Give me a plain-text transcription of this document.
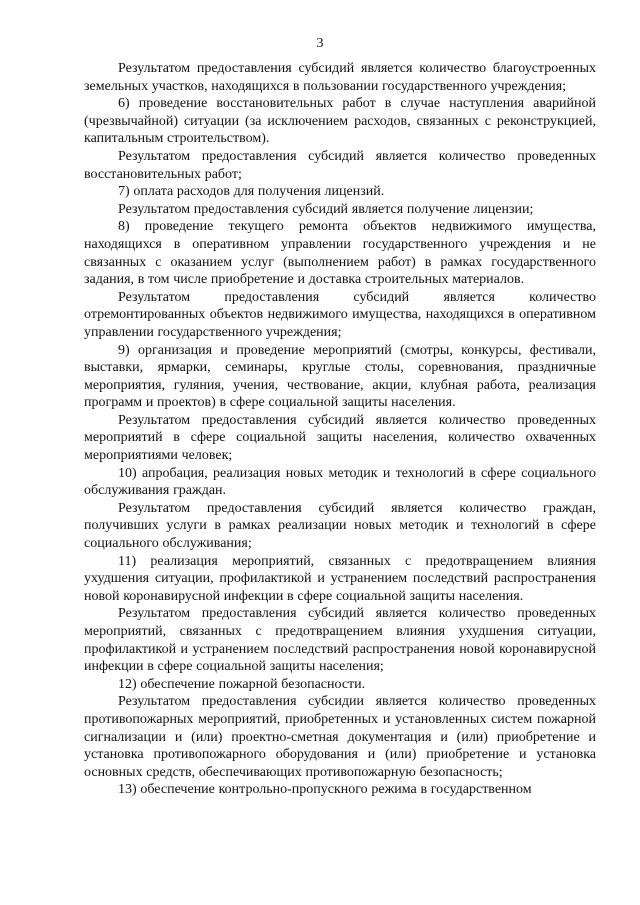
3

Результатом предоставления субсидий является количество благоустроенных земельных участков, находящихся в пользовании государственного учреждения;

6) проведение восстановительных работ в случае наступления аварийной (чрезвычайной) ситуации (за исключением расходов, связанных с реконструкцией, капитальным строительством).

Результатом предоставления субсидий является количество проведенных восстановительных работ;

7) оплата расходов для получения лицензий.

Результатом предоставления субсидий является получение лицензии;

8) проведение текущего ремонта объектов недвижимого имущества, находящихся в оперативном управлении государственного учреждения и не связанных с оказанием услуг (выполнением работ) в рамках государственного задания, в том числе приобретение и доставка строительных материалов.

Результатом предоставления субсидий является количество отремонтированных объектов недвижимого имущества, находящихся в оперативном управлении государственного учреждения;

9) организация и проведение мероприятий (смотры, конкурсы, фестивали, выставки, ярмарки, семинары, круглые столы, соревнования, праздничные мероприятия, гуляния, учения, чествование, акции, клубная работа, реализация программ и проектов) в сфере социальной защиты населения.

Результатом предоставления субсидий является количество проведенных мероприятий в сфере социальной защиты населения, количество охваченных мероприятиями человек;

10) апробация, реализация новых методик и технологий в сфере социального обслуживания граждан.

Результатом предоставления субсидий является количество граждан, получивших услуги в рамках реализации новых методик и технологий в сфере социального обслуживания;

11) реализация мероприятий, связанных с предотвращением влияния ухудшения ситуации, профилактикой и устранением последствий распространения новой коронавирусной инфекции в сфере социальной защиты населения.

Результатом предоставления субсидий является количество проведенных мероприятий, связанных с предотвращением влияния ухудшения ситуации, профилактикой и устранением последствий распространения новой коронавирусной инфекции в сфере социальной защиты населения;

12) обеспечение пожарной безопасности.

Результатом предоставления субсидии является количество проведенных противопожарных мероприятий, приобретенных и установленных систем пожарной сигнализации и (или) проектно-сметная документация и (или) приобретение и установка противопожарного оборудования и (или) приобретение и установка основных средств, обеспечивающих противопожарную безопасность;

13) обеспечение контрольно-пропускного режима в государственном
